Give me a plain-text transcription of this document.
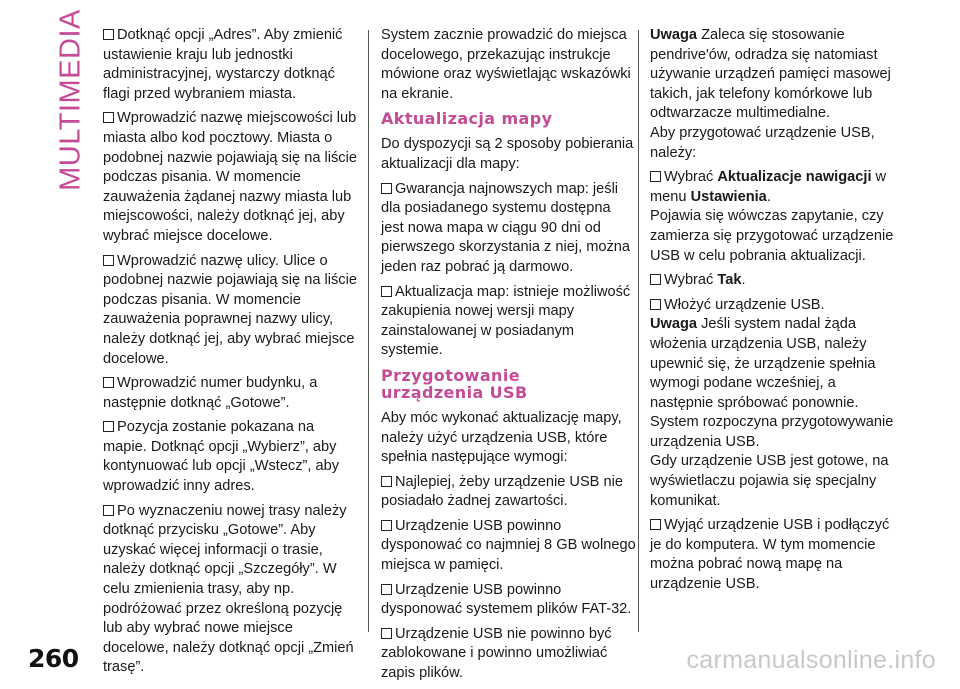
MULTIMEDIA	Dotknąć opcji „Adres”. Aby zmienić ustawienie kraju lub jednostki administracyjnej, wystarczy dotknąć flagi przed wybraniem miasta.

Wprowadzić nazwę miejscowości lub miasta albo kod pocztowy. Miasta o podobnej nazwie pojawiają się na liście podczas pisania. W momencie zauważenia żądanej nazwy miasta lub miejscowości, należy dotknąć jej, aby wybrać miejsce docelowe.

Wprowadzić nazwę ulicy. Ulice o podobnej nazwie pojawiają się na liście podczas pisania. W momencie zauważenia poprawnej nazwy ulicy, należy dotknąć jej, aby wybrać miejsce docelowe.

Wprowadzić numer budynku, a następnie dotknąć „Gotowe”.

Pozycja zostanie pokazana na mapie. Dotknąć opcji „Wybierz”, aby kontynuować lub opcji „Wstecz”, aby wprowadzić inny adres.

Po wyznaczeniu nowej trasy należy dotknąć przycisku „Gotowe”. Aby uzyskać więcej informacji o trasie, należy dotknąć opcji „Szczegóły”. W celu zmienienia trasy, aby np. podróżować przez określoną pozycję lub aby wybrać nowe miejsce docelowe, należy dotknąć opcji „Zmień trasę”.

System zacznie prowadzić do miejsca docelowego, przekazując instrukcje mówione oraz wyświetlając wskazówki na ekranie.

Aktualizacja mapy

Do dyspozycji są 2 sposoby pobierania aktualizacji dla mapy:

Gwarancja najnowszych map: jeśli dla posiadanego systemu dostępna jest nowa mapa w ciągu 90 dni od pierwszego skorzystania z niej, można jeden raz pobrać ją darmowo.

Aktualizacja map: istnieje możliwość zakupienia nowej wersji mapy zainstalowanej w posiadanym systemie.

Przygotowanie
urządzenia USB

Aby móc wykonać aktualizację mapy, należy użyć urządzenia USB, które spełnia następujące wymogi:

Najlepiej, żeby urządzenie USB nie posiadało żadnej zawartości.

Urządzenie USB powinno dysponować co najmniej 8 GB wolnego miejsca w pamięci.

Urządzenie USB powinno dysponować systemem plików FAT-32.

Urządzenie USB nie powinno być zablokowane i powinno umożliwiać zapis plików.

Uwaga Zaleca się stosowanie pendrive'ów, odradza się natomiast używanie urządzeń pamięci masowej takich, jak telefony komórkowe lub odtwarzacze multimedialne.

Aby przygotować urządzenie USB, należy:

Wybrać Aktualizacje nawigacji w menu Ustawienia.

Pojawia się wówczas zapytanie, czy zamierza się przygotować urządzenie USB w celu pobrania aktualizacji.

Wybrać Tak.

Włożyć urządzenie USB.

Uwaga Jeśli system nadal żąda włożenia urządzenia USB, należy upewnić się, że urządzenie spełnia wymogi podane wcześniej, a następnie spróbować ponownie.

System rozpoczyna przygotowywanie urządzenia USB.

Gdy urządzenie USB jest gotowe, na wyświetlaczu pojawia się specjalny komunikat.

Wyjąć urządzenie USB i podłączyć je do komputera. W tym momencie można pobrać nową mapę na urządzenie USB.

260	carmanualsonline.info
